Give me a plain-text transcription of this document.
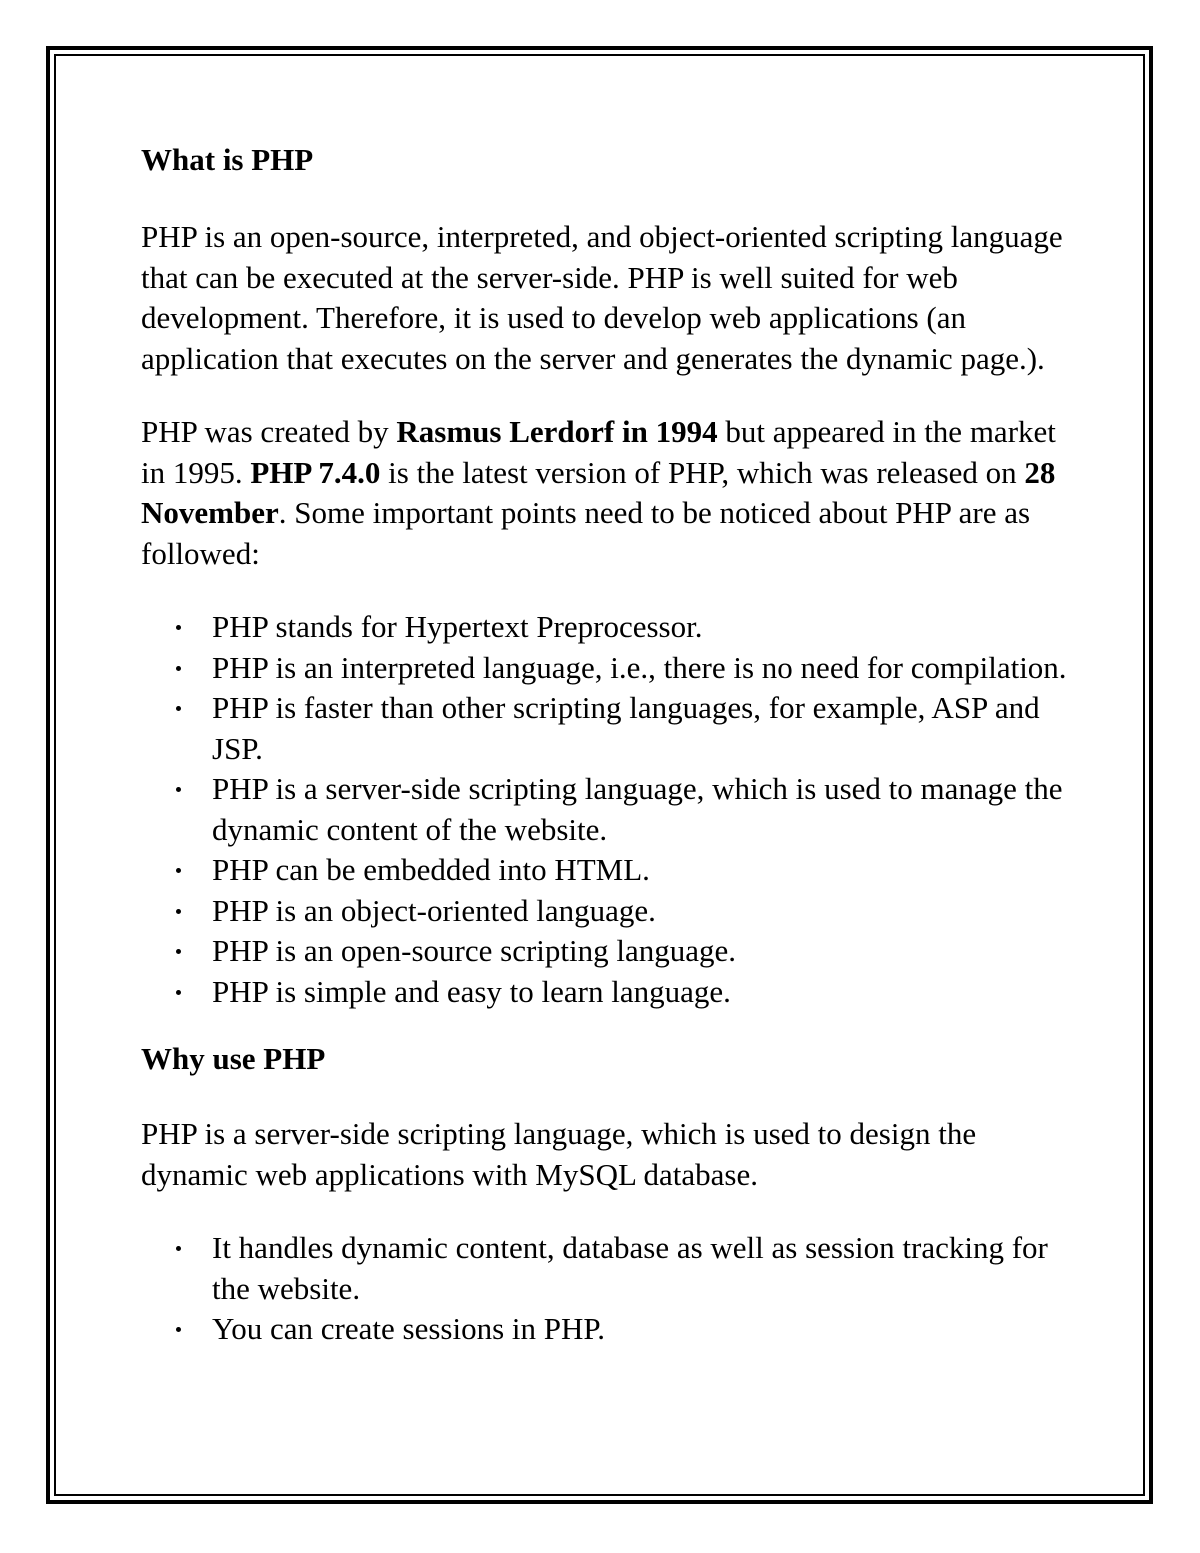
What is PHP

PHP is an open-source, interpreted, and object-oriented scripting language that can be executed at the server-side. PHP is well suited for web development. Therefore, it is used to develop web applications (an application that executes on the server and generates the dynamic page.).

PHP was created by Rasmus Lerdorf in 1994 but appeared in the market in 1995. PHP 7.4.0 is the latest version of PHP, which was released on 28 November. Some important points need to be noticed about PHP are as followed:

PHP stands for Hypertext Preprocessor.
PHP is an interpreted language, i.e., there is no need for compilation.
PHP is faster than other scripting languages, for example, ASP and JSP.
PHP is a server-side scripting language, which is used to manage the dynamic content of the website.
PHP can be embedded into HTML.
PHP is an object-oriented language.
PHP is an open-source scripting language.
PHP is simple and easy to learn language.
Why use PHP

PHP is a server-side scripting language, which is used to design the dynamic web applications with MySQL database.

It handles dynamic content, database as well as session tracking for the website.
You can create sessions in PHP.
